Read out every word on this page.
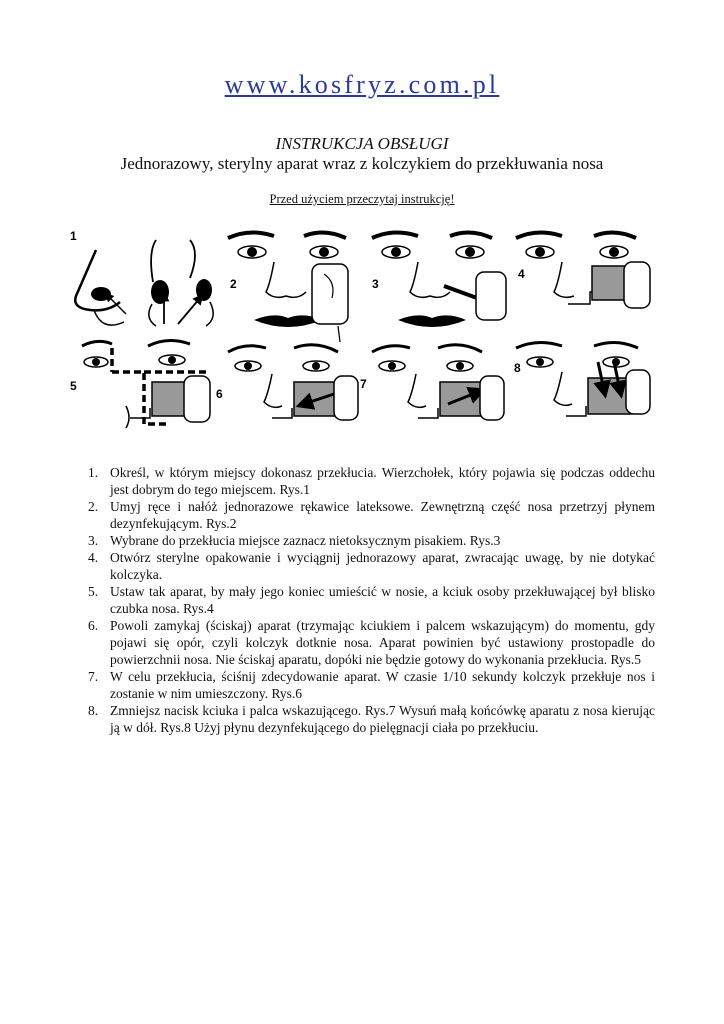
www.kosfryz.com.pl
INSTRUKCJA OBSŁUGI
Jednorazowy, sterylny aparat wraz z kolczykiem do przekłuwania nosa
Przed użyciem przeczytaj instrukcję!
1
2	3
4
5
6
7
8
1. Określ, w którym miejscy dokonasz przekłucia. Wierzchołek, który pojawia się podczas oddechu jest dobrym do tego miejscem. Rys.1
2. Umyj ręce i nałóż jednorazowe rękawice lateksowe. Zewnętrzną część nosa przetrzyj płynem dezynfekującym. Rys.2
3. Wybrane do przekłucia miejsce zaznacz nietoksycznym pisakiem. Rys.3
4. Otwórz sterylne opakowanie i wyciągnij jednorazowy aparat, zwracając uwagę, by nie dotykać kolczyka.
5. Ustaw tak aparat, by mały jego koniec umieścić w nosie, a kciuk osoby przekłuwającej był blisko czubka nosa. Rys.4
6. Powoli zamykaj (ściskaj) aparat (trzymając kciukiem i palcem wskazującym) do momentu, gdy pojawi się opór, czyli kolczyk dotknie nosa. Aparat powinien być ustawiony prostopadle do powierzchnii nosa. Nie ściskaj aparatu, dopóki nie będzie gotowy do wykonania przekłucia. Rys.5
7. W celu przekłucia, ściśnij zdecydowanie aparat. W czasie 1/10 sekundy kolczyk przekłuje nos i zostanie w nim umieszczony. Rys.6
8. Zmniejsz nacisk kciuka i palca wskazującego. Rys.7 Wysuń małą końcówkę aparatu z nosa kierując ją w dół. Rys.8 Użyj płynu dezynfekującego do pielęgnacji ciała po przekłuciu.
